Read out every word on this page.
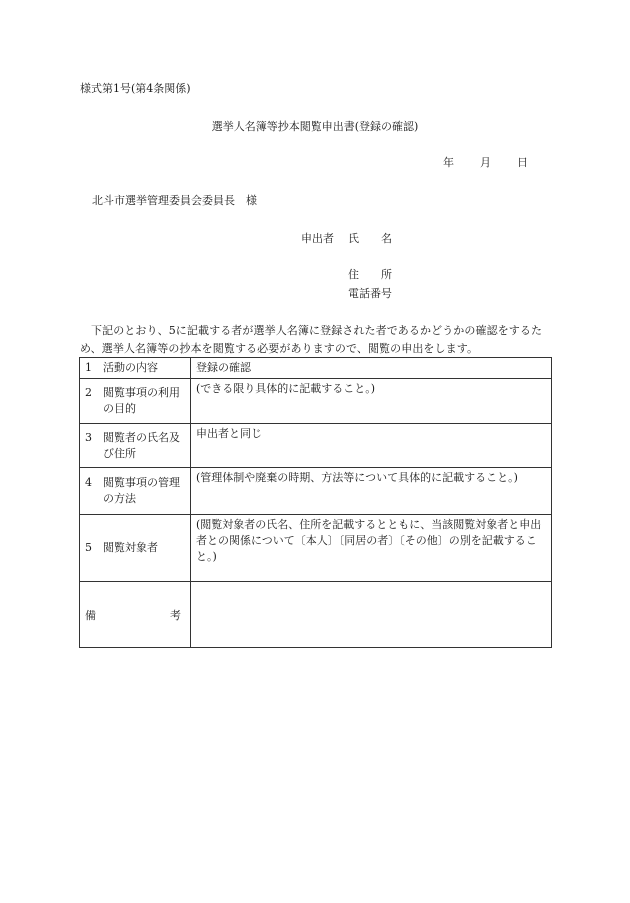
様式第1号(第4条関係)
選挙人名簿等抄本閲覧申出書(登録の確認)
年 月 日
北斗市選挙管理委員会委員長　様
申出者 氏　　名
住　　所
電話番号
下記のとおり、5に記載する者が選挙人名簿に登録された者であるかどうかの確認をするため、選挙人名簿等の抄本を閲覧する必要がありますので、閲覧の申出をします。
1 活動の内容	登録の確認

2 閲覧事項の利用の目的	(できる限り具体的に記載すること。)

3 閲覧者の氏名及び住所	申出者と同じ

4 閲覧事項の管理の方法	(管理体制や廃棄の時期、方法等について具体的に記載すること。)

5 閲覧対象者	(閲覧対象者の氏名、住所を記載するとともに、当該閲覧対象者と申出者との関係について〔本人〕〔同居の者〕〔その他〕の別を記載すること。)

備 考	
